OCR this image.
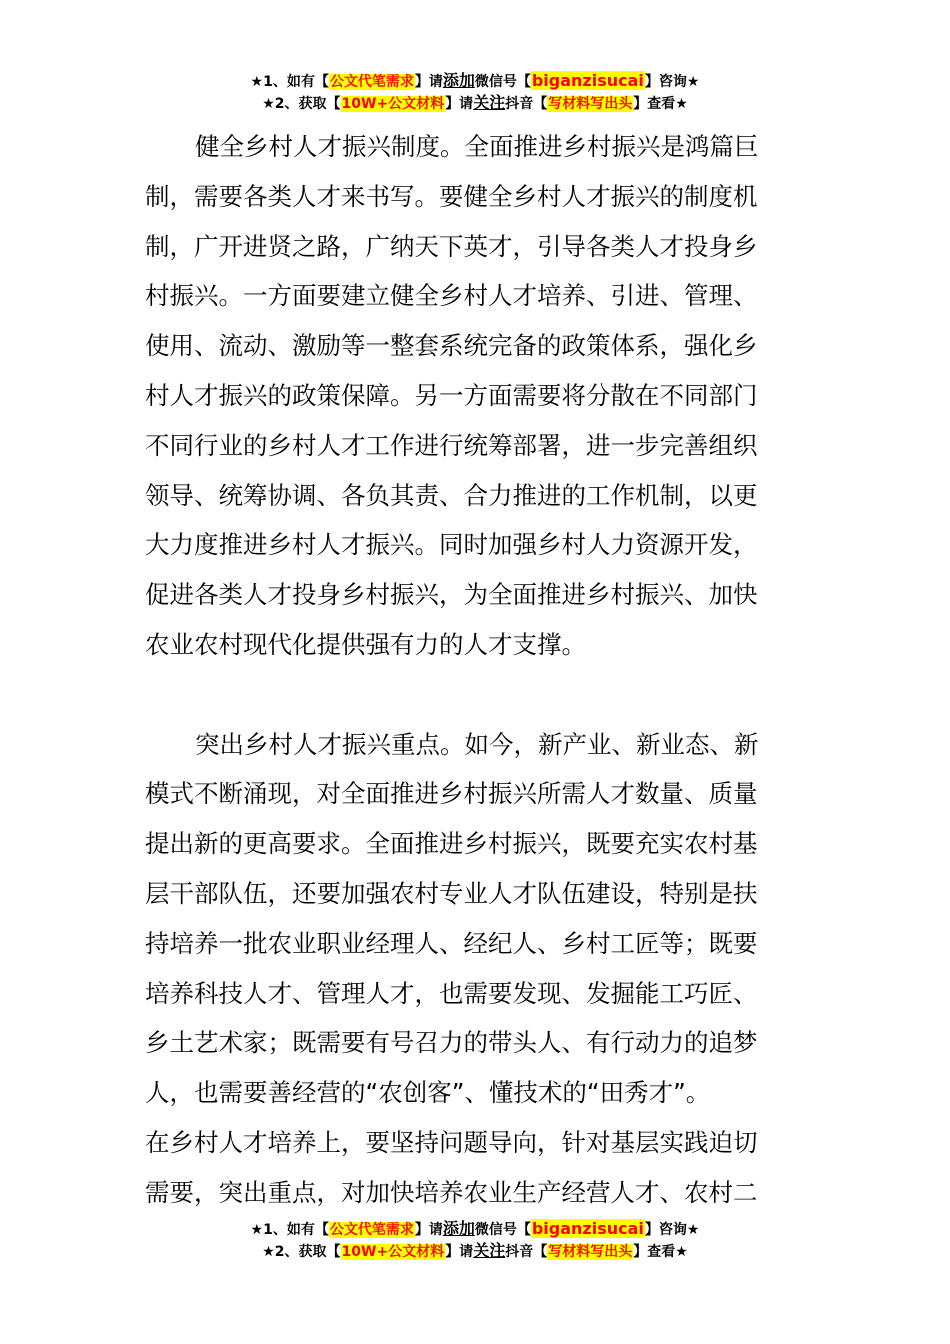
★1、如有【公文代笔需求】请添加微信号【biganzisucai】咨询★
★2、获取【10W+公文材料】请关注抖音【写材料写出头】查看★
健全乡村人才振兴制度。全面推进乡村振兴是鸿篇巨
制，需要各类人才来书写。要健全乡村人才振兴的制度机
制，广开进贤之路，广纳天下英才，引导各类人才投身乡
村振兴。一方面要建立健全乡村人才培养、引进、管理、
使用、流动、激励等一整套系统完备的政策体系，强化乡
村人才振兴的政策保障。另一方面需要将分散在不同部门
不同行业的乡村人才工作进行统筹部署，进一步完善组织
领导、统筹协调、各负其责、合力推进的工作机制，以更
大力度推进乡村人才振兴。同时加强乡村人力资源开发，
促进各类人才投身乡村振兴，为全面推进乡村振兴、加快
农业农村现代化提供强有力的人才支撑。
突出乡村人才振兴重点。如今，新产业、新业态、新
模式不断涌现，对全面推进乡村振兴所需人才数量、质量
提出新的更高要求。全面推进乡村振兴，既要充实农村基
层干部队伍，还要加强农村专业人才队伍建设，特别是扶
持培养一批农业职业经理人、经纪人、乡村工匠等；既要
培养科技人才、管理人才，也需要发现、发掘能工巧匠、
乡土艺术家；既需要有号召力的带头人、有行动力的追梦
人，也需要善经营的“农创客”、懂技术的“田秀才”。
在乡村人才培养上，要坚持问题导向，针对基层实践迫切
需要，突出重点，对加快培养农业生产经营人才、农村二
★1、如有【公文代笔需求】请添加微信号【biganzisucai】咨询★
★2、获取【10W+公文材料】请关注抖音【写材料写出头】查看★
